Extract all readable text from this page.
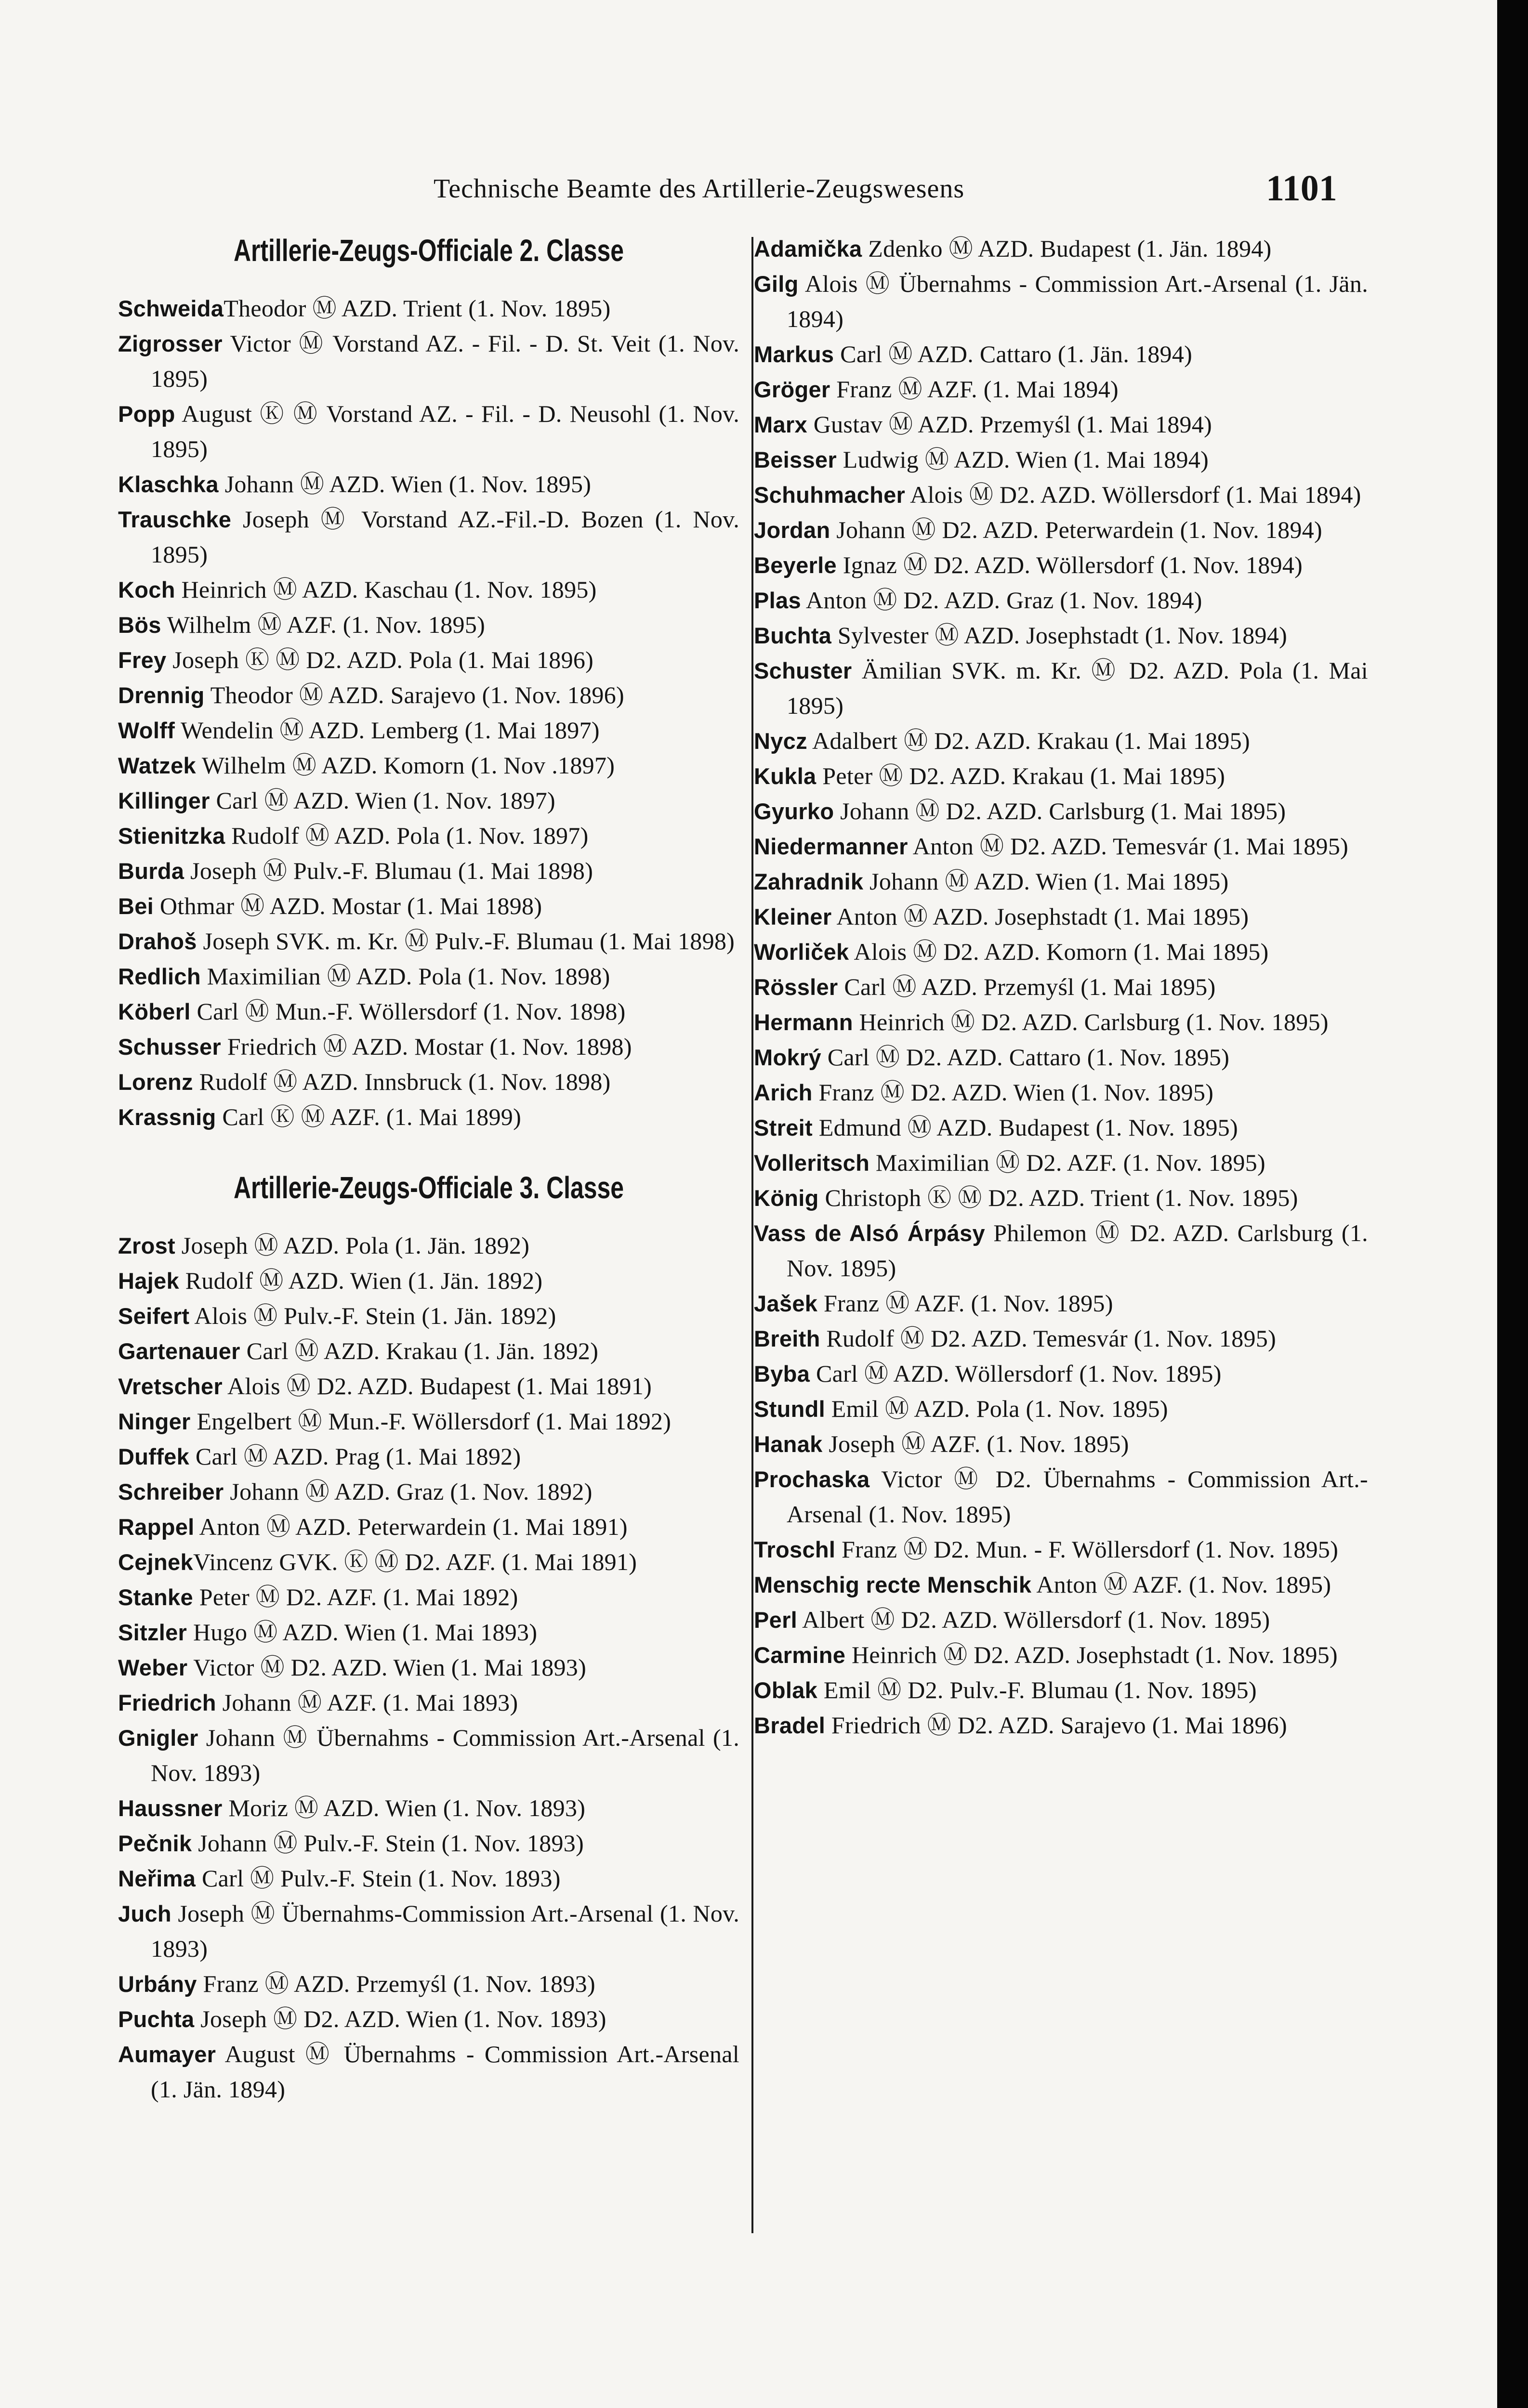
Technische Beamte des Artillerie-Zeugswesens	1101
Artillerie-Zeugs-Officiale 2. Classe
SchweidaTheodor Ⓜ AZD. Trient (1. Nov. 1895)
Zigrosser Victor Ⓜ Vorstand AZ. - Fil. - D. St. Veit (1. Nov. 1895)
Popp August Ⓚ Ⓜ Vorstand AZ. - Fil. - D. Neusohl (1. Nov. 1895)
Klaschka Johann Ⓜ AZD. Wien (1. Nov. 1895)
Trauschke Joseph Ⓜ Vorstand AZ.-Fil.-D. Bozen (1. Nov. 1895)
Koch Heinrich Ⓜ AZD. Kaschau (1. Nov. 1895)
Bös Wilhelm Ⓜ AZF. (1. Nov. 1895)
Frey Joseph Ⓚ Ⓜ D2. AZD. Pola (1. Mai 1896)
Drennig Theodor Ⓜ AZD. Sarajevo (1. Nov. 1896)
Wolff Wendelin Ⓜ AZD. Lemberg (1. Mai 1897)
Watzek Wilhelm Ⓜ AZD. Komorn (1. Nov .1897)
Killinger Carl Ⓜ AZD. Wien (1. Nov. 1897)
Stienitzka Rudolf Ⓜ AZD. Pola (1. Nov. 1897)
Burda Joseph Ⓜ Pulv.-F. Blumau (1. Mai 1898)
Bei Othmar Ⓜ AZD. Mostar (1. Mai 1898)
Drahoš Joseph SVK. m. Kr. Ⓜ Pulv.-F. Blumau (1. Mai 1898)
Redlich Maximilian Ⓜ AZD. Pola (1. Nov. 1898)
Köberl Carl Ⓜ Mun.-F. Wöllersdorf (1. Nov. 1898)
Schusser Friedrich Ⓜ AZD. Mostar (1. Nov. 1898)
Lorenz Rudolf Ⓜ AZD. Innsbruck (1. Nov. 1898)
Krassnig Carl Ⓚ Ⓜ AZF. (1. Mai 1899)
Artillerie-Zeugs-Officiale 3. Classe
Zrost Joseph Ⓜ AZD. Pola (1. Jän. 1892)
Hajek Rudolf Ⓜ AZD. Wien (1. Jän. 1892)
Seifert Alois Ⓜ Pulv.-F. Stein (1. Jän. 1892)
Gartenauer Carl Ⓜ AZD. Krakau (1. Jän. 1892)
Vretscher Alois Ⓜ D2. AZD. Budapest (1. Mai 1891)
Ninger Engelbert Ⓜ Mun.-F. Wöllersdorf (1. Mai 1892)
Duffek Carl Ⓜ AZD. Prag (1. Mai 1892)
Schreiber Johann Ⓜ AZD. Graz (1. Nov. 1892)
Rappel Anton Ⓜ AZD. Peterwardein (1. Mai 1891)
CejnekVincenz GVK. Ⓚ Ⓜ D2. AZF. (1. Mai 1891)
Stanke Peter Ⓜ D2. AZF. (1. Mai 1892)
Sitzler Hugo Ⓜ AZD. Wien (1. Mai 1893)
Weber Victor Ⓜ D2. AZD. Wien (1. Mai 1893)
Friedrich Johann Ⓜ AZF. (1. Mai 1893)
Gnigler Johann Ⓜ Übernahms - Commission Art.-Arsenal (1. Nov. 1893)
Haussner Moriz Ⓜ AZD. Wien (1. Nov. 1893)
Pečnik Johann Ⓜ Pulv.-F. Stein (1. Nov. 1893)
Neřima Carl Ⓜ Pulv.-F. Stein (1. Nov. 1893)
Juch Joseph Ⓜ Übernahms-Commission Art.-Arsenal (1. Nov. 1893)
Urbány Franz Ⓜ AZD. Przemyśl (1. Nov. 1893)
Puchta Joseph Ⓜ D2. AZD. Wien (1. Nov. 1893)
Aumayer August Ⓜ Übernahms - Commission Art.-Arsenal (1. Jän. 1894)
Adamička Zdenko Ⓜ AZD. Budapest (1. Jän. 1894)
Gilg Alois Ⓜ Übernahms - Commission Art.-Arsenal (1. Jän. 1894)
Markus Carl Ⓜ AZD. Cattaro (1. Jän. 1894)
Gröger Franz Ⓜ AZF. (1. Mai 1894)
Marx Gustav Ⓜ AZD. Przemyśl (1. Mai 1894)
Beisser Ludwig Ⓜ AZD. Wien (1. Mai 1894)
Schuhmacher Alois Ⓜ D2. AZD. Wöllersdorf (1. Mai 1894)
Jordan Johann Ⓜ D2. AZD. Peterwardein (1. Nov. 1894)
Beyerle Ignaz Ⓜ D2. AZD. Wöllersdorf (1. Nov. 1894)
Plas Anton Ⓜ D2. AZD. Graz (1. Nov. 1894)
Buchta Sylvester Ⓜ AZD. Josephstadt (1. Nov. 1894)
Schuster Ämilian SVK. m. Kr. Ⓜ D2. AZD. Pola (1. Mai 1895)
Nycz Adalbert Ⓜ D2. AZD. Krakau (1. Mai 1895)
Kukla Peter Ⓜ D2. AZD. Krakau (1. Mai 1895)
Gyurko Johann Ⓜ D2. AZD. Carlsburg (1. Mai 1895)
Niedermanner Anton Ⓜ D2. AZD. Temesvár (1. Mai 1895)
Zahradnik Johann Ⓜ AZD. Wien (1. Mai 1895)
Kleiner Anton Ⓜ AZD. Josephstadt (1. Mai 1895)
Worliček Alois Ⓜ D2. AZD. Komorn (1. Mai 1895)
Rössler Carl Ⓜ AZD. Przemyśl (1. Mai 1895)
Hermann Heinrich Ⓜ D2. AZD. Carlsburg (1. Nov. 1895)
Mokrý Carl Ⓜ D2. AZD. Cattaro (1. Nov. 1895)
Arich Franz Ⓜ D2. AZD. Wien (1. Nov. 1895)
Streit Edmund Ⓜ AZD. Budapest (1. Nov. 1895)
Volleritsch Maximilian Ⓜ D2. AZF. (1. Nov. 1895)
König Christoph Ⓚ Ⓜ D2. AZD. Trient (1. Nov. 1895)
Vass de Alsó Árpásy Philemon Ⓜ D2. AZD. Carlsburg (1. Nov. 1895)
Jašek Franz Ⓜ AZF. (1. Nov. 1895)
Breith Rudolf Ⓜ D2. AZD. Temesvár (1. Nov. 1895)
Byba Carl Ⓜ AZD. Wöllersdorf (1. Nov. 1895)
Stundl Emil Ⓜ AZD. Pola (1. Nov. 1895)
Hanak Joseph Ⓜ AZF. (1. Nov. 1895)
Prochaska Victor Ⓜ D2. Übernahms - Commission Art.-Arsenal (1. Nov. 1895)
Troschl Franz Ⓜ D2. Mun. - F. Wöllersdorf (1. Nov. 1895)
Menschig recte Menschik Anton Ⓜ AZF. (1. Nov. 1895)
Perl Albert Ⓜ D2. AZD. Wöllersdorf (1. Nov. 1895)
Carmine Heinrich Ⓜ D2. AZD. Josephstadt (1. Nov. 1895)
Oblak Emil Ⓜ D2. Pulv.-F. Blumau (1. Nov. 1895)
Bradel Friedrich Ⓜ D2. AZD. Sarajevo (1. Mai 1896)
